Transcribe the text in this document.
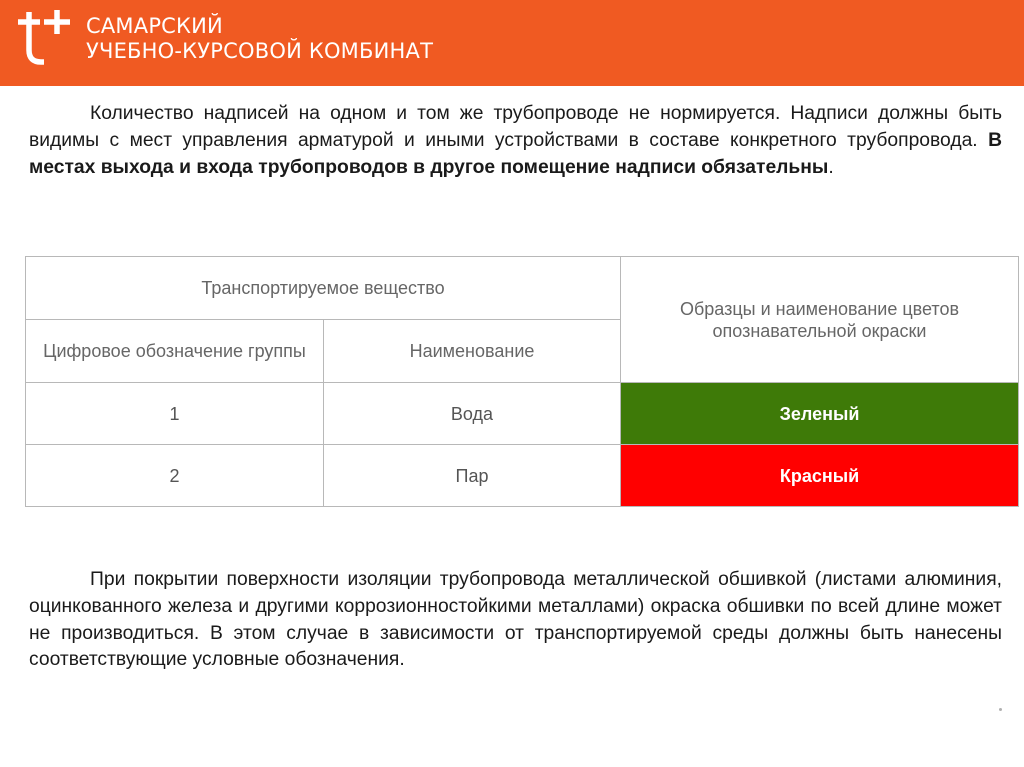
САМАРСКИЙ
УЧЕБНО-КУРСОВОЙ КОМБИНАТ
Количество надписей на одном и том же трубопроводе не нормируется. Надписи должны быть видимы с мест управления арматурой и иными устройствами в составе конкретного трубопровода. В местах выхода и входа трубопроводов в другое помещение надписи обязательны.
Транспортируемое вещество		Образцы и наименование цветов опознавательной окраски
Цифровое обозначение группы	Наименование	
1	Вода	Зеленый
2	Пар	Красный
При покрытии поверхности изоляции трубопровода металлической обшивкой (листами алюминия, оцинкованного железа и другими коррозионностойкими металлами) окраска обшивки по всей длине может не производиться. В этом случае в зависимости от транспортируемой среды должны быть нанесены соответствующие условные обозначения.
